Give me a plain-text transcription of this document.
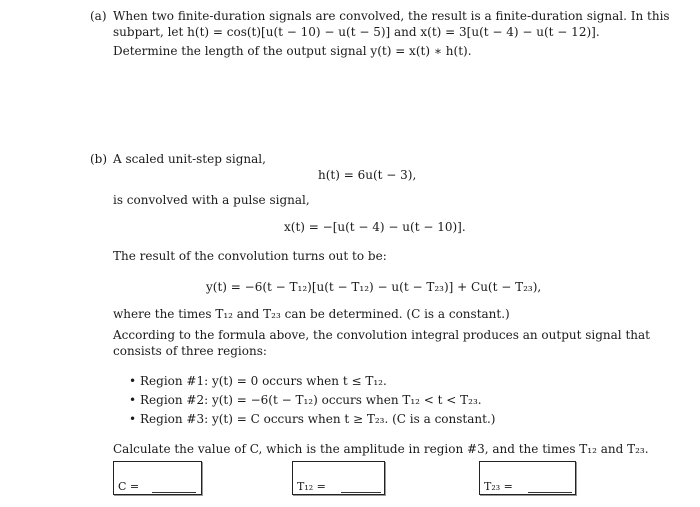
(a) When two finite-duration signals are convolved, the result is a finite-duration signal. In this
subpart, let h(t) = cos(t)[u(t − 10) − u(t − 5)] and x(t) = 3[u(t − 4) − u(t − 12)].
Determine the length of the output signal y(t) = x(t) ∗ h(t).
(b) A scaled unit-step signal,
h(t) = 6u(t − 3),
is convolved with a pulse signal,
x(t) = −[u(t − 4) − u(t − 10)].
The result of the convolution turns out to be:
y(t) = −6(t − T₁₂)[u(t − T₁₂) − u(t − T₂₃)] + Cu(t − T₂₃),
where the times T₁₂ and T₂₃ can be determined. (C is a constant.)
According to the formula above, the convolution integral produces an output signal that
consists of three regions:
• Region #1: y(t) = 0 occurs when t ≤ T₁₂.
• Region #2: y(t) = −6(t − T₁₂) occurs when T₁₂ < t < T₂₃.
• Region #3: y(t) = C occurs when t ≥ T₂₃. (C is a constant.)
Calculate the value of C, which is the amplitude in region #3, and the times T₁₂ and T₂₃.
C =	T₁₂ =	T₂₃ =
